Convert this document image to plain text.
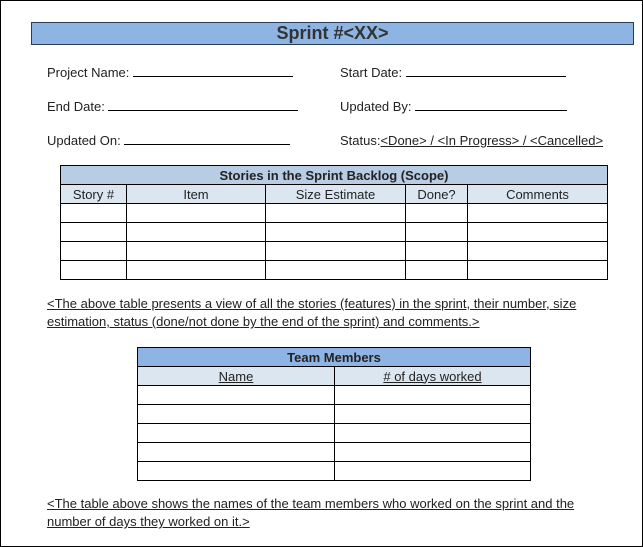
Sprint #<XX>
Project Name:	Start Date:
End Date:	Updated By:
Updated On:	Status:<Done> / <In Progress> / <Cancelled>
Stories in the Sprint Backlog (Scope)				
Story #	Item	Size Estimate	Done?	Comments

<The above table presents a view of all the stories (features) in the sprint, their number, size estimation, status (done/not done by the end of the sprint) and comments.>
Team Members	
Name	# of days worked

<The table above shows the names of the team members who worked on the sprint and the number of days they worked on it.>
